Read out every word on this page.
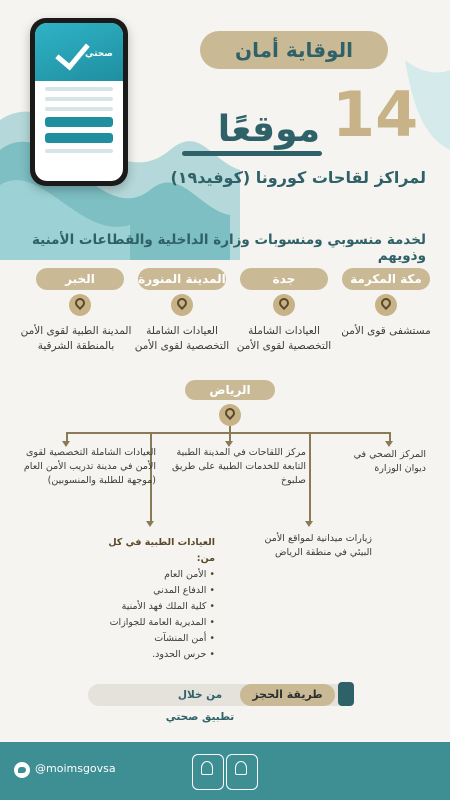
صحتي	الوقاية أمان
14
موقعًا
لمراكز لقاحات كورونا (كوفيد١٩)
لخدمة منسوبي ومنسوبات وزارة الداخلية والقطاعات الأمنية وذويهم
مكة المكرمة
جدة
المدينة المنورة
الخبر
مستشفى قوى الأمن
العيادات الشاملة التخصصية لقوى الأمن
العيادات الشاملة التخصصية لقوى الأمن
المدينة الطبية لقوى الأمن بالمنطقة الشرقية
الرياض
المركز الصحي في ديوان الوزارة
مركز اللقاحات في المدينة الطبية التابعة للخدمات الطبية على طريق صلبوخ
العيادات الشاملة التخصصية لقوى الأمن في مدينة تدريب الأمن العام (موجهة للطلبة والمنسوبين)
زيارات ميدانية لمواقع الأمن البيئي في منطقة الرياض
العيادات الطبية في كل من:
• الأمن العام
• الدفاع المدني
• كلية الملك فهد الأمنية
• المديرية العامة للجوازات
• أمن المنشآت
• حرس الحدود.
طريقة الحجز
من خلال تطبيق صحتي
@moimsgovsa
